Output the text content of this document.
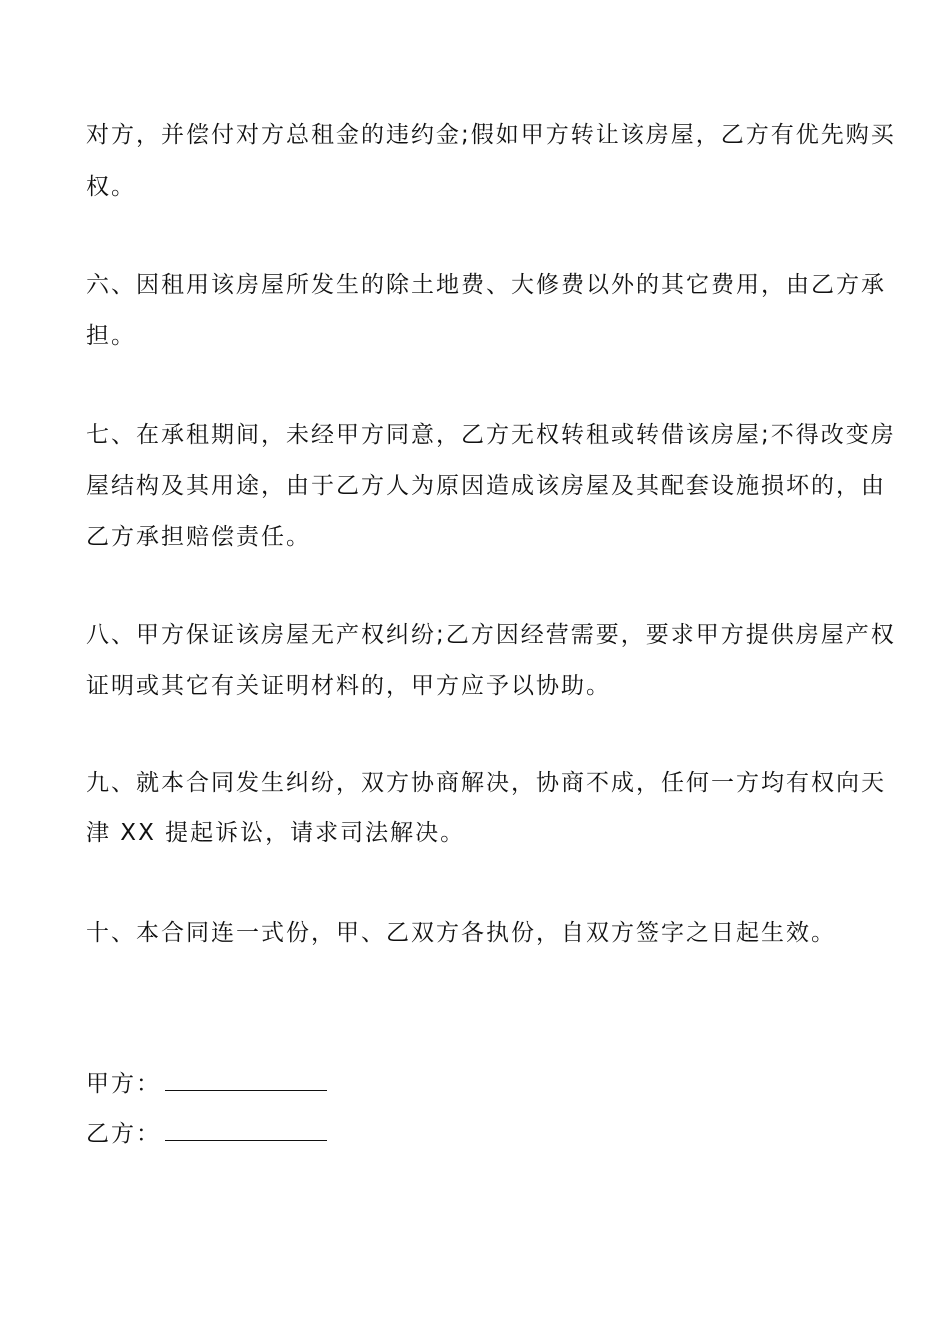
对方，并偿付对方总租金的违约金;假如甲方转让该房屋，乙方有优先购买
权。
六、因租用该房屋所发生的除土地费、大修费以外的其它费用，由乙方承
担。
七、在承租期间，未经甲方同意，乙方无权转租或转借该房屋;不得改变房
屋结构及其用途，由于乙方人为原因造成该房屋及其配套设施损坏的，由
乙方承担赔偿责任。
八、甲方保证该房屋无产权纠纷;乙方因经营需要，要求甲方提供房屋产权
证明或其它有关证明材料的，甲方应予以协助。
九、就本合同发生纠纷，双方协商解决，协商不成，任何一方均有权向天
津 XX 提起诉讼，请求司法解决。
十、本合同连一式份，甲、乙双方各执份，自双方签字之日起生效。
甲方：
乙方：
